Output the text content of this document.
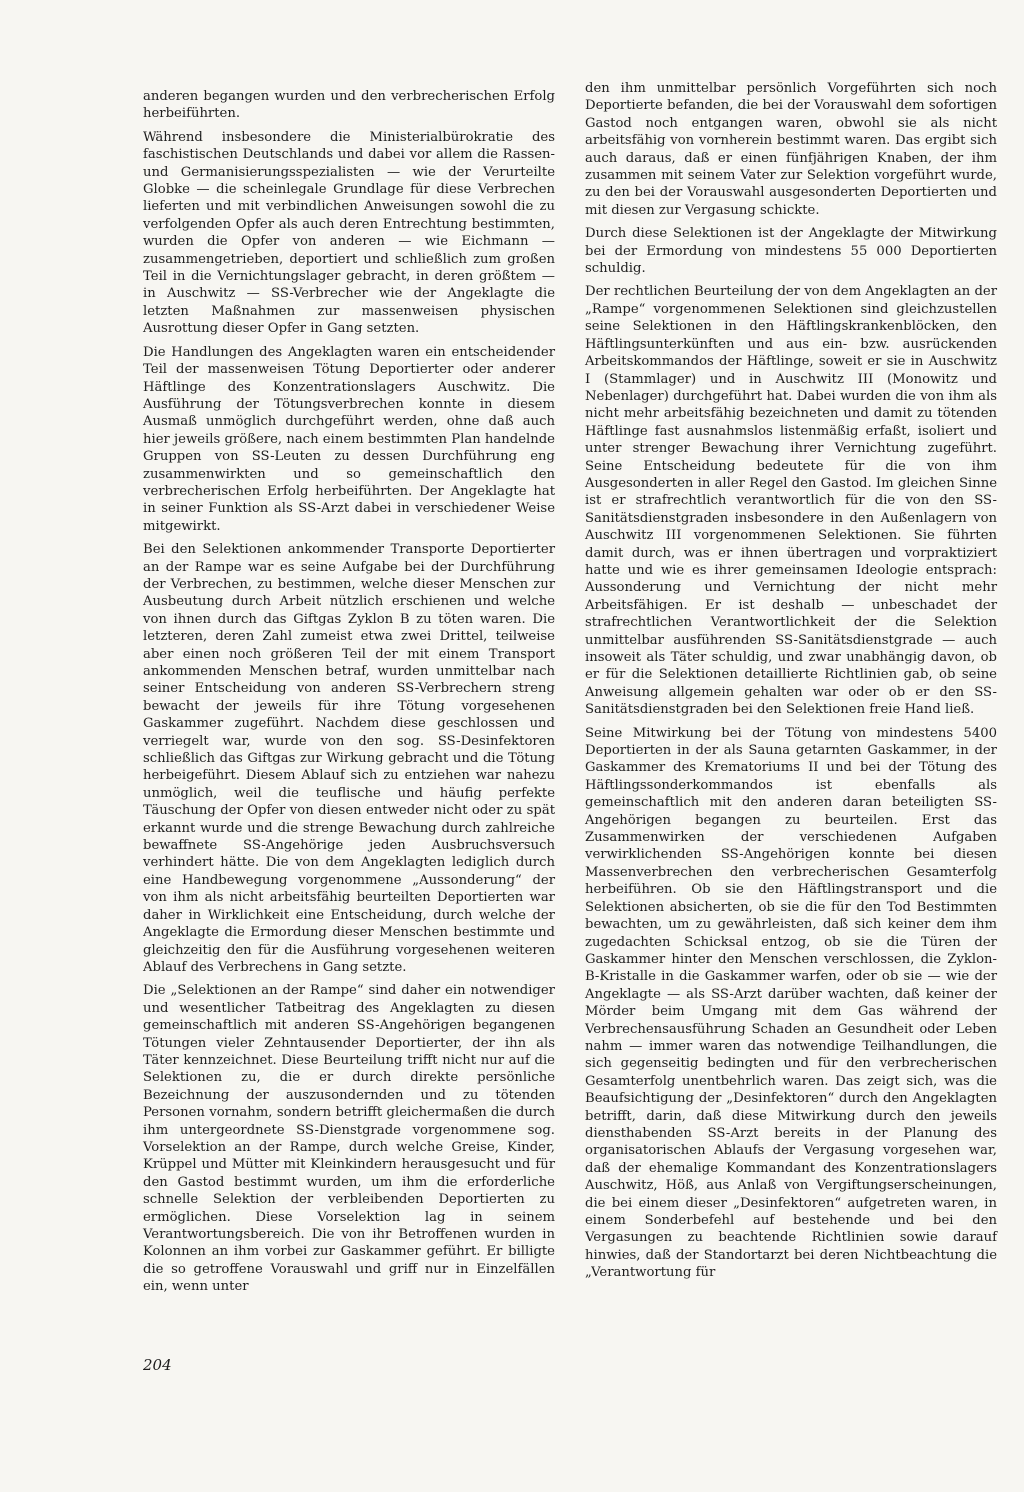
anderen begangen wurden und den verbrecherischen Erfolg herbeiführten.

Während insbesondere die Ministerialbürokratie des faschistischen Deutschlands und dabei vor allem die Rassen- und Germanisierungsspezialisten — wie der Verurteilte Globke — die scheinlegale Grundlage für diese Verbrechen lieferten und mit verbindlichen Anweisungen sowohl die zu verfolgenden Opfer als auch deren Entrechtung bestimmten, wurden die Opfer von anderen — wie Eichmann — zusammengetrieben, deportiert und schließlich zum großen Teil in die Vernichtungslager gebracht, in deren größtem — in Auschwitz — SS-Verbrecher wie der Angeklagte die letzten Maßnahmen zur massenweisen physischen Ausrottung dieser Opfer in Gang setzten.

Die Handlungen des Angeklagten waren ein entscheidender Teil der massenweisen Tötung Deportierter oder anderer Häftlinge des Konzentrationslagers Auschwitz. Die Ausführung der Tötungsverbrechen konnte in diesem Ausmaß unmöglich durchgeführt werden, ohne daß auch hier jeweils größere, nach einem bestimmten Plan handelnde Gruppen von SS-Leuten zu dessen Durchführung eng zusammenwirkten und so gemeinschaftlich den verbrecherischen Erfolg herbeiführten. Der Angeklagte hat in seiner Funktion als SS-Arzt dabei in verschiedener Weise mitgewirkt.

Bei den Selektionen ankommender Transporte Deportierter an der Rampe war es seine Aufgabe bei der Durchführung der Verbrechen, zu bestimmen, welche dieser Menschen zur Ausbeutung durch Arbeit nützlich erschienen und welche von ihnen durch das Giftgas Zyklon B zu töten waren. Die letzteren, deren Zahl zumeist etwa zwei Drittel, teilweise aber einen noch größeren Teil der mit einem Transport ankommenden Menschen betraf, wurden unmittelbar nach seiner Entscheidung von anderen SS-Verbrechern streng bewacht der jeweils für ihre Tötung vorgesehenen Gaskammer zugeführt. Nachdem diese geschlossen und verriegelt war, wurde von den sog. SS-Desinfektoren schließlich das Giftgas zur Wirkung gebracht und die Tötung herbeigeführt. Diesem Ablauf sich zu entziehen war nahezu unmöglich, weil die teuflische und häufig perfekte Täuschung der Opfer von diesen entweder nicht oder zu spät erkannt wurde und die strenge Bewachung durch zahlreiche bewaffnete SS-Angehörige jeden Ausbruchsversuch verhindert hätte. Die von dem Angeklagten lediglich durch eine Handbewegung vorgenommene „Aussonderung“ der von ihm als nicht arbeitsfähig beurteilten Deportierten war daher in Wirklichkeit eine Entscheidung, durch welche der Angeklagte die Ermordung dieser Menschen bestimmte und gleichzeitig den für die Ausführung vorgesehenen weiteren Ablauf des Verbrechens in Gang setzte.

Die „Selektionen an der Rampe“ sind daher ein notwendiger und wesentlicher Tatbeitrag des Angeklagten zu diesen gemeinschaftlich mit anderen SS-Angehörigen begangenen Tötungen vieler Zehntausender Deportierter, der ihn als Täter kennzeichnet. Diese Beurteilung trifft nicht nur auf die Selektionen zu, die er durch direkte persönliche Bezeichnung der auszusondernden und zu tötenden Personen vornahm, sondern betrifft gleichermaßen die durch ihm untergeordnete SS-Dienstgrade vorgenommene sog. Vorselektion an der Rampe, durch welche Greise, Kinder, Krüppel und Mütter mit Kleinkindern herausgesucht und für den Gastod bestimmt wurden, um ihm die erforderliche schnelle Selektion der verbleibenden Deportierten zu ermöglichen. Diese Vorselektion lag in seinem Verantwortungsbereich. Die von ihr Betroffenen wurden in Kolonnen an ihm vorbei zur Gaskammer geführt. Er billigte die so getroffene Vorauswahl und griff nur in Einzelfällen ein, wenn unter

den ihm unmittelbar persönlich Vorgeführten sich noch Deportierte befanden, die bei der Vorauswahl dem sofortigen Gastod noch entgangen waren, obwohl sie als nicht arbeitsfähig von vornherein bestimmt waren. Das ergibt sich auch daraus, daß er einen fünfjährigen Knaben, der ihm zusammen mit seinem Vater zur Selektion vorgeführt wurde, zu den bei der Vorauswahl ausgesonderten Deportierten und mit diesen zur Vergasung schickte.

Durch diese Selektionen ist der Angeklagte der Mitwirkung bei der Ermordung von mindestens 55 000 Deportierten schuldig.

Der rechtlichen Beurteilung der von dem Angeklagten an der „Rampe“ vorgenommenen Selektionen sind gleichzustellen seine Selektionen in den Häftlingskrankenblöcken, den Häftlingsunterkünften und aus ein- bzw. ausrückenden Arbeitskommandos der Häftlinge, soweit er sie in Auschwitz I (Stammlager) und in Auschwitz III (Monowitz und Nebenlager) durchgeführt hat. Dabei wurden die von ihm als nicht mehr arbeitsfähig bezeichneten und damit zu tötenden Häftlinge fast ausnahmslos listenmäßig erfaßt, isoliert und unter strenger Bewachung ihrer Vernichtung zugeführt. Seine Entscheidung bedeutete für die von ihm Ausgesonderten in aller Regel den Gastod. Im gleichen Sinne ist er strafrechtlich verantwortlich für die von den SS-Sanitätsdienstgraden insbesondere in den Außenlagern von Auschwitz III vorgenommenen Selektionen. Sie führten damit durch, was er ihnen übertragen und vorpraktiziert hatte und wie es ihrer gemeinsamen Ideologie entsprach: Aussonderung und Vernichtung der nicht mehr Arbeitsfähigen. Er ist deshalb — unbeschadet der strafrechtlichen Verantwortlichkeit der die Selektion unmittelbar ausführenden SS-Sanitätsdienstgrade — auch insoweit als Täter schuldig, und zwar unabhängig davon, ob er für die Selektionen detaillierte Richtlinien gab, ob seine Anweisung allgemein gehalten war oder ob er den SS-Sanitätsdienstgraden bei den Selektionen freie Hand ließ.

Seine Mitwirkung bei der Tötung von mindestens 5400 Deportierten in der als Sauna getarnten Gaskammer, in der Gaskammer des Krematoriums II und bei der Tötung des Häftlingssonderkommandos ist ebenfalls als gemeinschaftlich mit den anderen daran beteiligten SS-Angehörigen begangen zu beurteilen. Erst das Zusammenwirken der verschiedenen Aufgaben verwirklichenden SS-Angehörigen konnte bei diesen Massenverbrechen den verbrecherischen Gesamterfolg herbeiführen. Ob sie den Häftlingstransport und die Selektionen absicherten, ob sie die für den Tod Bestimmten bewachten, um zu gewährleisten, daß sich keiner dem ihm zugedachten Schicksal entzog, ob sie die Türen der Gaskammer hinter den Menschen verschlossen, die Zyklon-B-Kristalle in die Gaskammer warfen, oder ob sie — wie der Angeklagte — als SS-Arzt darüber wachten, daß keiner der Mörder beim Umgang mit dem Gas während der Verbrechensausführung Schaden an Gesundheit oder Leben nahm — immer waren das notwendige Teilhandlungen, die sich gegenseitig bedingten und für den verbrecherischen Gesamterfolg unentbehrlich waren. Das zeigt sich, was die Beaufsichtigung der „Desinfektoren“ durch den Angeklagten betrifft, darin, daß diese Mitwirkung durch den jeweils diensthabenden SS-Arzt bereits in der Planung des organisatorischen Ablaufs der Vergasung vorgesehen war, daß der ehemalige Kommandant des Konzentrationslagers Auschwitz, Höß, aus Anlaß von Vergiftungserscheinungen, die bei einem dieser „Desinfektoren“ aufgetreten waren, in einem Sonderbefehl auf bestehende und bei den Vergasungen zu beachtende Richtlinien sowie darauf hinwies, daß der Standortarzt bei deren Nichtbeachtung die „Verantwortung für

204
